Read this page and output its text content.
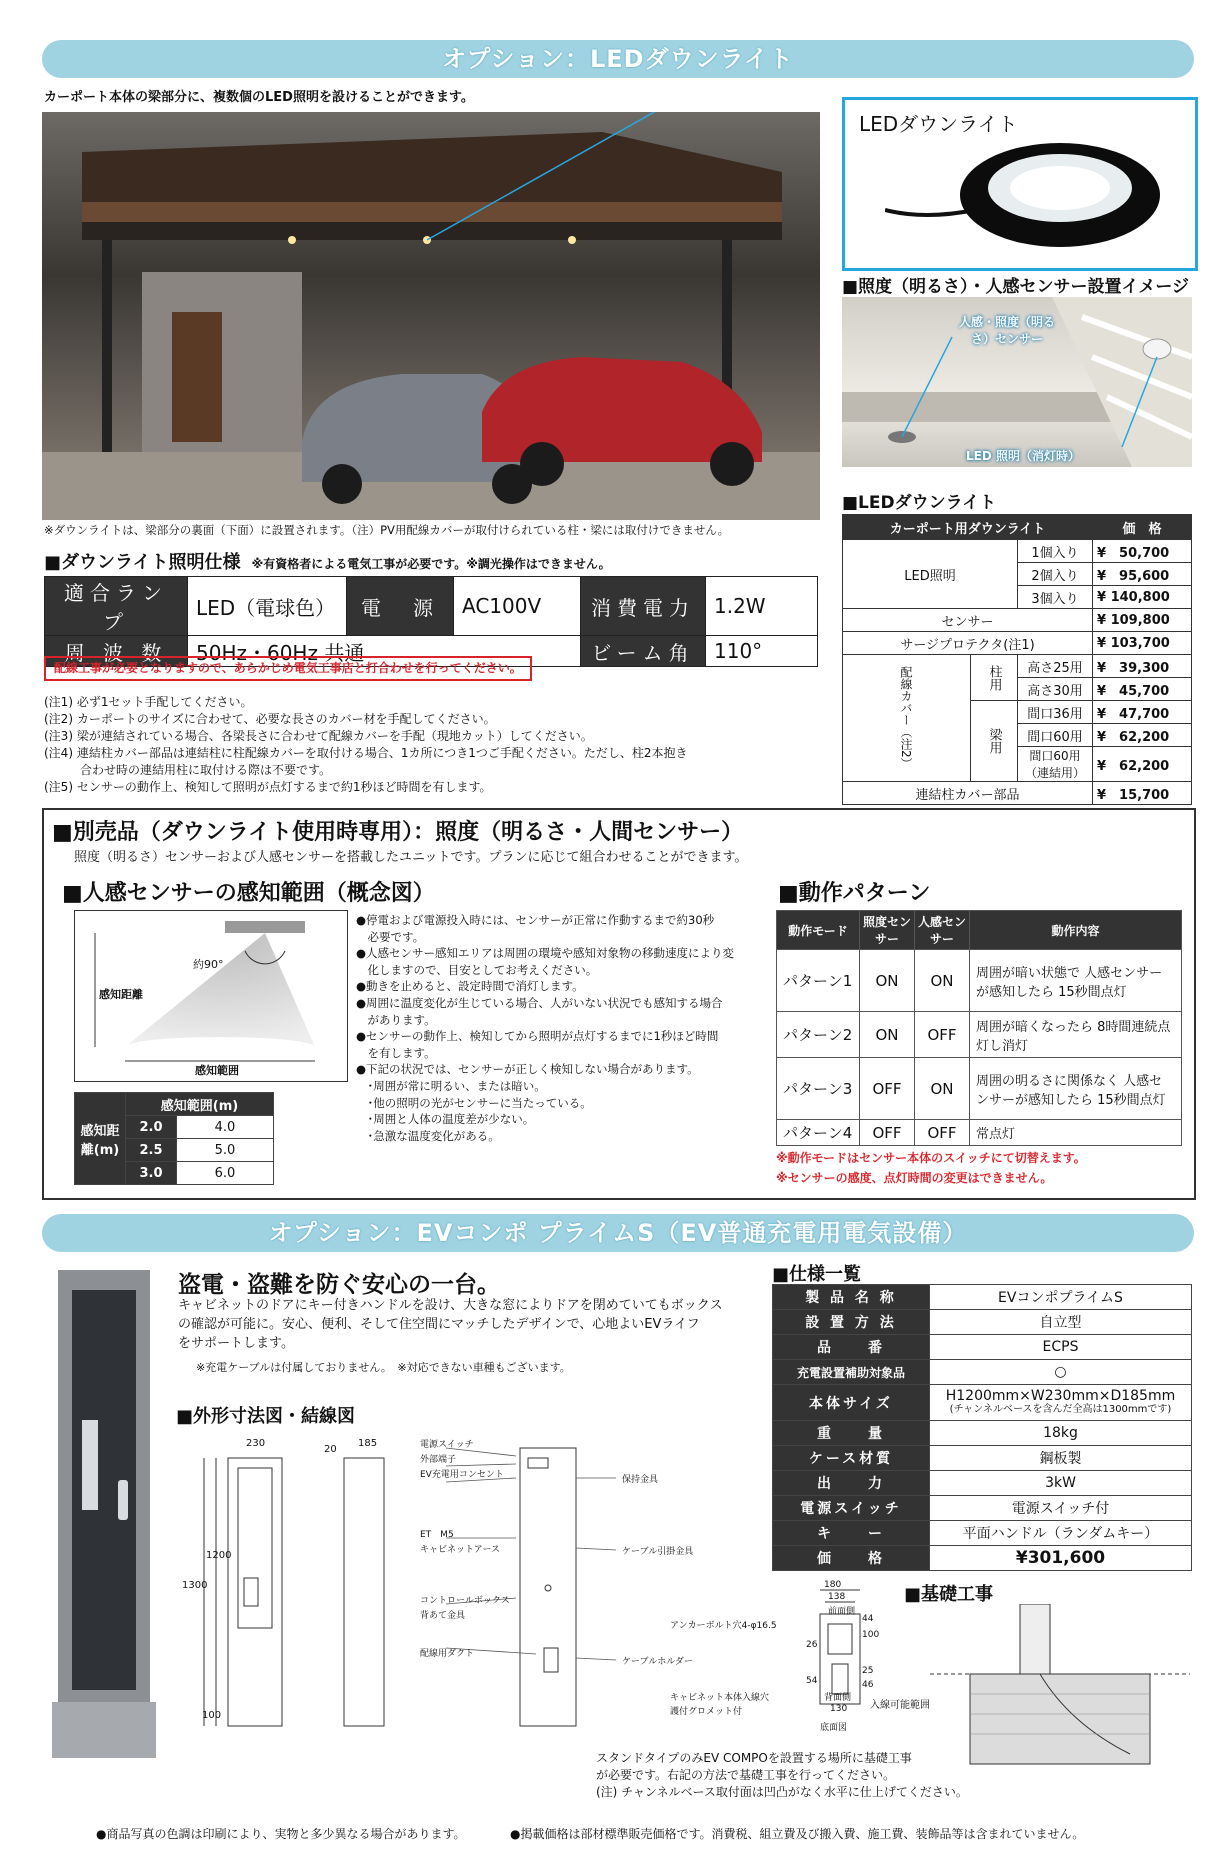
オプション：LEDダウンライト
カーポート本体の梁部分に、複数個のLED照明を設けることができます。
LEDダウンライト
■照度（明るさ）・人感センサー設置イメージ
人感・照度（明るさ）センサー
LED 照明（消灯時）
※ダウンライトは、梁部分の裏面（下面）に設置されます。（注）PV用配線カバーが取付けられている柱・梁には取付けできません。
■ダウンライト照明仕様 ※有資格者による電気工事が必要です。※調光操作はできません。
適合ランプ	LED（電球色）	電　源	AC100V	消費電力	1.2W
周 波 数	50Hz・60Hz 共通			ビーム角	110°
配線工事が必要となりますので、あらかじめ電気工事店と打合わせを行ってください。
(注1) 必ず1セット手配してください。
(注2) カーポートのサイズに合わせて、必要な長さのカバー材を手配してください。
(注3) 梁が連結されている場合、各梁長さに合わせて配線カバーを手配（現地カット）してください。
(注4) 連結柱カバー部品は連結柱に柱配線カバーを取付ける場合、1カ所につき1つご手配ください。ただし、柱2本抱き
　　　合わせ時の連結用柱に取付ける際は不要です。
(注5) センサーの動作上、検知して照明が点灯するまで約1秒ほど時間を有します。
■LEDダウンライト
カーポート用ダウンライト			価　格
LED照明		1個入り	¥　50,700
		2個入り	¥　95,600
		3個入り	¥ 140,800
センサー			¥ 109,800
サージプロテクタ(注1)			¥ 103,700
配線カバー（注2）	柱用	高さ25用	¥　39,300
		高さ30用	¥　45,700
	梁用	間口36用	¥　47,700
		間口60用	¥　62,200
		間口60用（連結用）	¥　62,200
連結柱カバー部品			¥　15,700
■別売品（ダウンライト使用時専用）：照度（明るさ・人間センサー）
照度（明るさ）センサーおよび人感センサーを搭載したユニットです。プランに応じて組合わせることができます。
■人感センサーの感知範囲（概念図）
約90°
感知距離
感知範囲
感知距離(m)	感知範囲(m)	
	2.0	4.0
	2.5	5.0
	3.0	6.0
●停電および電源投入時には、センサーが正常に作動するまで約30秒
　必要です。
●人感センサー感知エリアは周囲の環境や感知対象物の移動速度により変
　化しますので、目安としてお考えください。
●動きを止めると、設定時間で消灯します。
●周囲に温度変化が生じている場合、人がいない状況でも感知する場合
　があります。
●センサーの動作上、検知してから照明が点灯するまでに1秒ほど時間
　を有します。
●下記の状況では、センサーが正しく検知しない場合があります。
　･周囲が常に明るい、または暗い。
　･他の照明の光がセンサーに当たっている。
　･周囲と人体の温度差が少ない。
　･急激な温度変化がある。
■動作パターン
動作モード	照度センサー	人感センサー	動作内容
パターン1	ON	ON	周囲が暗い状態で 人感センサーが感知したら 15秒間点灯
パターン2	ON	OFF	周囲が暗くなったら 8時間連続点灯し消灯
パターン3	OFF	ON	周囲の明るさに関係なく 人感センサーが感知したら 15秒間点灯
パターン4	OFF	OFF	常点灯
※動作モードはセンサー本体のスイッチにて切替えます。
※センサーの感度、点灯時間の変更はできません。
オプション：EVコンポ プライムS（EV普通充電用電気設備）
盗電・盗難を防ぐ安心の一台。
キャビネットのドアにキー付きハンドルを設け、大きな窓によりドアを閉めていてもボックス
の確認が可能に。安心、便利、そして住空間にマッチしたデザインで、心地よいEVライフ
をサポートします。
※充電ケーブルは付属しておりません。　※対応できない車種もございます。
■外形寸法図・結線図
230	185
20
1300
1200
100
電源スイッチ
外部端子
EV充電用コンセント
ET　M5
キャビネットアース
コントロールボックス
背あて金具
配線用ダクト
保持金具
ケーブル引掛金具
ケーブルホルダー
■仕様一覧
製 品 名 称	EVコンポプライムS
設 置 方 法	自立型
品　　番	ECPS
充電設置補助対象品	○
本体サイズ	H1200mm×W230mm×D185mm
(チャンネルベースを含んだ全高は1300mmです)

重　　量	18kg
ケース材質	鋼板製
出　　力	3kW
電源スイッチ	電源スイッチ付
キ　　ー	平面ハンドル（ランダムキー）
価　　格	¥301,600
180
138
26
54
130
100
44
25
46
アンカーボルト穴4-φ16.5
キャビネット本体入線穴
護付グロメット付
背面側
底面図
前面側
入線可能範囲
■基礎工事
スタンドタイプのみEV COMPOを設置する場所に基礎工事
が必要です。右記の方法で基礎工事を行ってください。
(注) チャンネルベース取付面は凹凸がなく水平に仕上げてください。
●商品写真の色調は印刷により、実物と多少異なる場合があります。	●掲載価格は部材標準販売価格です。消費税、組立費及び搬入費、施工費、装飾品等は含まれていません。
